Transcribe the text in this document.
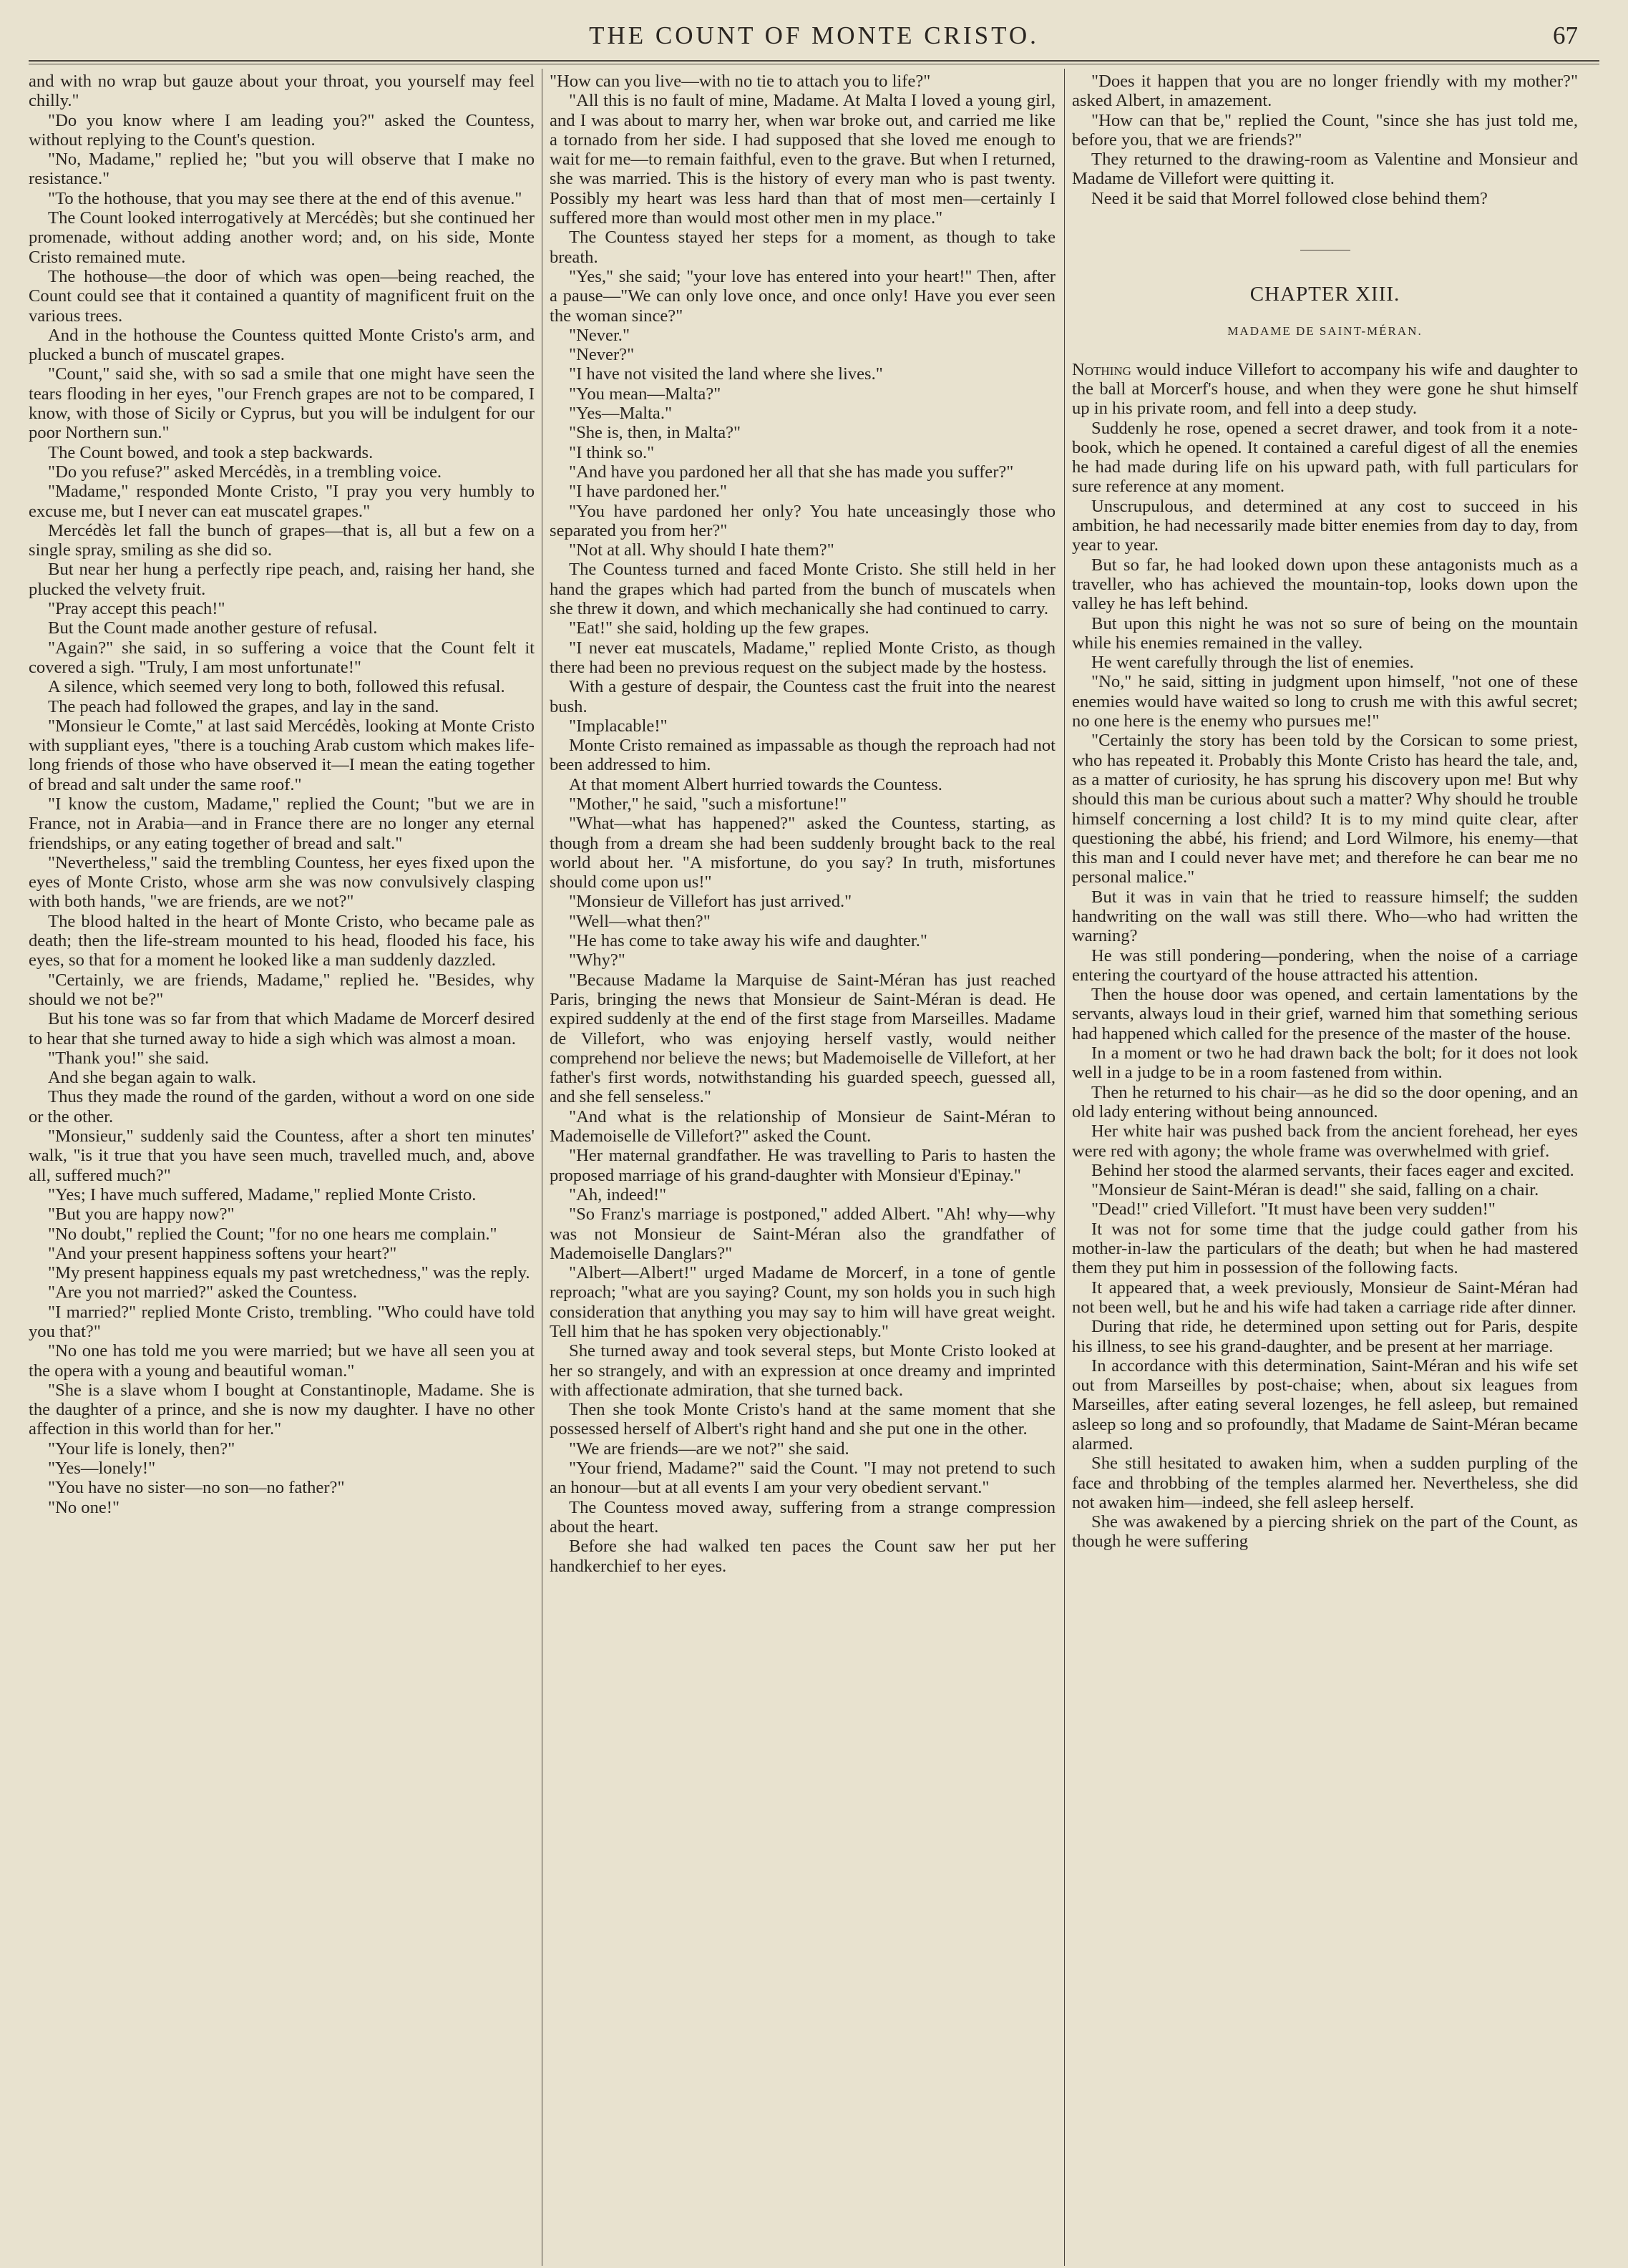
THE COUNT OF MONTE CRISTO.	67

and with no wrap but gauze about your throat, you yourself may feel chilly."

"Do you know where I am leading you?" asked the Countess, without replying to the Count's question.

"No, Madame," replied he; "but you will observe that I make no resistance."

"To the hothouse, that you may see there at the end of this avenue."

The Count looked interrogatively at Mercédès; but she continued her promenade, without adding another word; and, on his side, Monte Cristo remained mute.

The hothouse—the door of which was open—being reached, the Count could see that it contained a quantity of magnificent fruit on the various trees.

And in the hothouse the Countess quitted Monte Cristo's arm, and plucked a bunch of muscatel grapes.

"Count," said she, with so sad a smile that one might have seen the tears flooding in her eyes, "our French grapes are not to be compared, I know, with those of Sicily or Cyprus, but you will be indulgent for our poor Northern sun."

The Count bowed, and took a step backwards.

"Do you refuse?" asked Mercédès, in a trembling voice.

"Madame," responded Monte Cristo, "I pray you very humbly to excuse me, but I never can eat muscatel grapes."

Mercédès let fall the bunch of grapes—that is, all but a few on a single spray, smiling as she did so.

But near her hung a perfectly ripe peach, and, raising her hand, she plucked the velvety fruit.

"Pray accept this peach!"

But the Count made another gesture of refusal.

"Again?" she said, in so suffering a voice that the Count felt it covered a sigh. "Truly, I am most unfortunate!"

A silence, which seemed very long to both, followed this refusal.

The peach had followed the grapes, and lay in the sand.

"Monsieur le Comte," at last said Mercédès, looking at Monte Cristo with suppliant eyes, "there is a touching Arab custom which makes life-long friends of those who have observed it—I mean the eating together of bread and salt under the same roof."

"I know the custom, Madame," replied the Count; "but we are in France, not in Arabia—and in France there are no longer any eternal friendships, or any eating together of bread and salt."

"Nevertheless," said the trembling Countess, her eyes fixed upon the eyes of Monte Cristo, whose arm she was now convulsively clasping with both hands, "we are friends, are we not?"

The blood halted in the heart of Monte Cristo, who became pale as death; then the life-stream mounted to his head, flooded his face, his eyes, so that for a moment he looked like a man suddenly dazzled.

"Certainly, we are friends, Madame," replied he. "Besides, why should we not be?"

But his tone was so far from that which Madame de Morcerf desired to hear that she turned away to hide a sigh which was almost a moan.

"Thank you!" she said.

And she began again to walk.

Thus they made the round of the garden, without a word on one side or the other.

"Monsieur," suddenly said the Countess, after a short ten minutes' walk, "is it true that you have seen much, travelled much, and, above all, suffered much?"

"Yes; I have much suffered, Madame," replied Monte Cristo.

"But you are happy now?"

"No doubt," replied the Count; "for no one hears me complain."

"And your present happiness softens your heart?"

"My present happiness equals my past wretchedness," was the reply.

"Are you not married?" asked the Countess.

"I married?" replied Monte Cristo, trembling. "Who could have told you that?"

"No one has told me you were married; but we have all seen you at the opera with a young and beautiful woman."

"She is a slave whom I bought at Constantinople, Madame. She is the daughter of a prince, and she is now my daughter. I have no other affection in this world than for her."

"Your life is lonely, then?"

"Yes—lonely!"

"You have no sister—no son—no father?"

"No one!"

"How can you live—with no tie to attach you to life?"

"All this is no fault of mine, Madame. At Malta I loved a young girl, and I was about to marry her, when war broke out, and carried me like a tornado from her side. I had supposed that she loved me enough to wait for me—to remain faithful, even to the grave. But when I returned, she was married. This is the history of every man who is past twenty. Possibly my heart was less hard than that of most men—certainly I suffered more than would most other men in my place."

The Countess stayed her steps for a moment, as though to take breath.

"Yes," she said; "your love has entered into your heart!" Then, after a pause—"We can only love once, and once only! Have you ever seen the woman since?"

"Never."

"Never?"

"I have not visited the land where she lives."

"You mean—Malta?"

"Yes—Malta."

"She is, then, in Malta?"

"I think so."

"And have you pardoned her all that she has made you suffer?"

"I have pardoned her."

"You have pardoned her only? You hate unceasingly those who separated you from her?"

"Not at all. Why should I hate them?"

The Countess turned and faced Monte Cristo. She still held in her hand the grapes which had parted from the bunch of muscatels when she threw it down, and which mechanically she had continued to carry.

"Eat!" she said, holding up the few grapes.

"I never eat muscatels, Madame," replied Monte Cristo, as though there had been no previous request on the subject made by the hostess.

With a gesture of despair, the Countess cast the fruit into the nearest bush.

"Implacable!"

Monte Cristo remained as impassable as though the reproach had not been addressed to him.

At that moment Albert hurried towards the Countess.

"Mother," he said, "such a misfortune!"

"What—what has happened?" asked the Countess, starting, as though from a dream she had been suddenly brought back to the real world about her. "A misfortune, do you say? In truth, misfortunes should come upon us!"

"Monsieur de Villefort has just arrived."

"Well—what then?"

"He has come to take away his wife and daughter."

"Why?"

"Because Madame la Marquise de Saint-Méran has just reached Paris, bringing the news that Monsieur de Saint-Méran is dead. He expired suddenly at the end of the first stage from Marseilles. Madame de Villefort, who was enjoying herself vastly, would neither comprehend nor believe the news; but Mademoiselle de Villefort, at her father's first words, notwithstanding his guarded speech, guessed all, and she fell senseless."

"And what is the relationship of Monsieur de Saint-Méran to Mademoiselle de Villefort?" asked the Count.

"Her maternal grandfather. He was travelling to Paris to hasten the proposed marriage of his grand-daughter with Monsieur d'Epinay."

"Ah, indeed!"

"So Franz's marriage is postponed," added Albert. "Ah! why—why was not Monsieur de Saint-Méran also the grandfather of Mademoiselle Danglars?"

"Albert—Albert!" urged Madame de Morcerf, in a tone of gentle reproach; "what are you saying? Count, my son holds you in such high consideration that anything you may say to him will have great weight. Tell him that he has spoken very objectionably."

She turned away and took several steps, but Monte Cristo looked at her so strangely, and with an expression at once dreamy and imprinted with affectionate admiration, that she turned back.

Then she took Monte Cristo's hand at the same moment that she possessed herself of Albert's right hand and she put one in the other.

"We are friends—are we not?" she said.

"Your friend, Madame?" said the Count. "I may not pretend to such an honour—but at all events I am your very obedient servant."

The Countess moved away, suffering from a strange compression about the heart.

Before she had walked ten paces the Count saw her put her handkerchief to her eyes.

"Does it happen that you are no longer friendly with my mother?" asked Albert, in amazement.

"How can that be," replied the Count, "since she has just told me, before you, that we are friends?"

They returned to the drawing-room as Valentine and Monsieur and Madame de Villefort were quitting it.

Need it be said that Morrel followed close behind them?

CHAPTER XIII.
MADAME DE SAINT-MÉRAN.

Nothing would induce Villefort to accompany his wife and daughter to the ball at Morcerf's house, and when they were gone he shut himself up in his private room, and fell into a deep study.

Suddenly he rose, opened a secret drawer, and took from it a note-book, which he opened. It contained a careful digest of all the enemies he had made during life on his upward path, with full particulars for sure reference at any moment.

Unscrupulous, and determined at any cost to succeed in his ambition, he had necessarily made bitter enemies from day to day, from year to year.

But so far, he had looked down upon these antagonists much as a traveller, who has achieved the mountain-top, looks down upon the valley he has left behind.

But upon this night he was not so sure of being on the mountain while his enemies remained in the valley.

He went carefully through the list of enemies.

"No," he said, sitting in judgment upon himself, "not one of these enemies would have waited so long to crush me with this awful secret; no one here is the enemy who pursues me!"

"Certainly the story has been told by the Corsican to some priest, who has repeated it. Probably this Monte Cristo has heard the tale, and, as a matter of curiosity, he has sprung his discovery upon me! But why should this man be curious about such a matter? Why should he trouble himself concerning a lost child? It is to my mind quite clear, after questioning the abbé, his friend; and Lord Wilmore, his enemy—that this man and I could never have met; and therefore he can bear me no personal malice."

But it was in vain that he tried to reassure himself; the sudden handwriting on the wall was still there. Who—who had written the warning?

He was still pondering—pondering, when the noise of a carriage entering the courtyard of the house attracted his attention.

Then the house door was opened, and certain lamentations by the servants, always loud in their grief, warned him that something serious had happened which called for the presence of the master of the house.

In a moment or two he had drawn back the bolt; for it does not look well in a judge to be in a room fastened from within.

Then he returned to his chair—as he did so the door opening, and an old lady entering without being announced.

Her white hair was pushed back from the ancient forehead, her eyes were red with agony; the whole frame was overwhelmed with grief.

Behind her stood the alarmed servants, their faces eager and excited.

"Monsieur de Saint-Méran is dead!" she said, falling on a chair.

"Dead!" cried Villefort. "It must have been very sudden!"

It was not for some time that the judge could gather from his mother-in-law the particulars of the death; but when he had mastered them they put him in possession of the following facts.

It appeared that, a week previously, Monsieur de Saint-Méran had not been well, but he and his wife had taken a carriage ride after dinner.

During that ride, he determined upon setting out for Paris, despite his illness, to see his grand-daughter, and be present at her marriage.

In accordance with this determination, Saint-Méran and his wife set out from Marseilles by post-chaise; when, about six leagues from Marseilles, after eating several lozenges, he fell asleep, but remained asleep so long and so profoundly, that Madame de Saint-Méran became alarmed.

She still hesitated to awaken him, when a sudden purpling of the face and throbbing of the temples alarmed her. Nevertheless, she did not awaken him—indeed, she fell asleep herself.

She was awakened by a piercing shriek on the part of the Count, as though he were suffering
